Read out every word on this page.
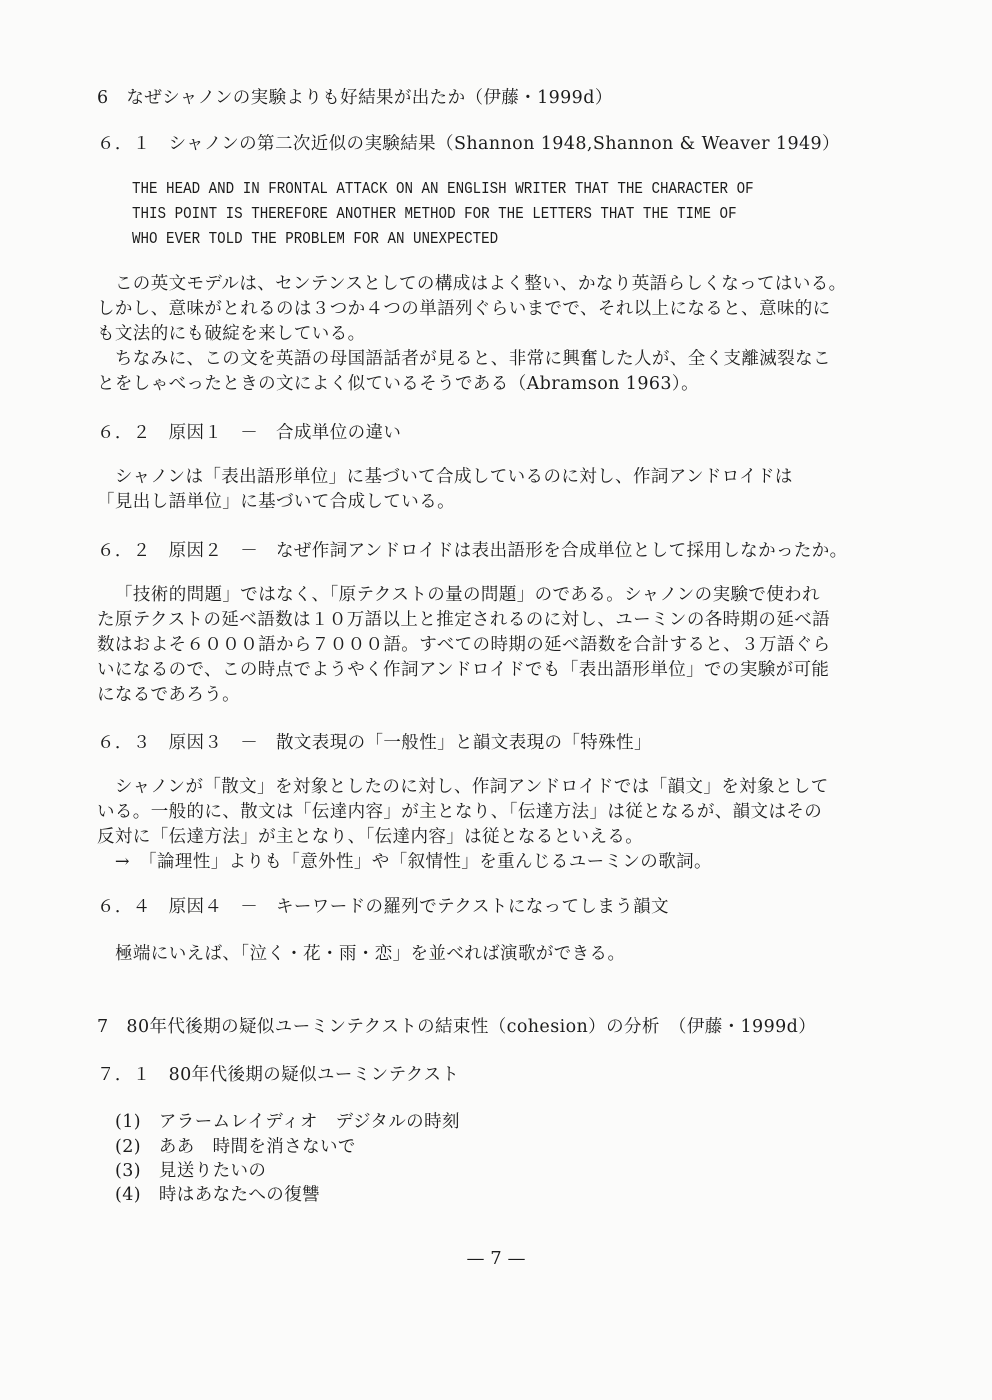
6　なぜシャノンの実験よりも好結果が出たか（伊藤・1999d）
６．１　シャノンの第二次近似の実験結果（Shannon 1948,Shannon & Weaver 1949）
THE HEAD AND IN FRONTAL ATTACK ON AN ENGLISH WRITER THAT THE CHARACTER OF
THIS POINT IS THEREFORE ANOTHER METHOD FOR THE LETTERS THAT THE TIME OF
WHO EVER TOLD THE PROBLEM FOR AN UNEXPECTED
　この英文モデルは、センテンスとしての構成はよく整い、かなり英語らしくなってはいる。
しかし、意味がとれるのは３つか４つの単語列ぐらいまでで、それ以上になると、意味的に
も文法的にも破綻を来している。
　ちなみに、この文を英語の母国語話者が見ると、非常に興奮した人が、全く支離滅裂なこ
とをしゃべったときの文によく似ているそうである（Abramson 1963）。
６．２　原因１　－　合成単位の違い
　シャノンは「表出語形単位」に基づいて合成しているのに対し、作詞アンドロイドは
「見出し語単位」に基づいて合成している。
６．２　原因２　－　なぜ作詞アンドロイドは表出語形を合成単位として採用しなかったか。
「技術的問題」ではなく、「原テクストの量の問題」のである。シャノンの実験で使われ
た原テクストの延べ語数は１０万語以上と推定されるのに対し、ユーミンの各時期の延べ語
数はおよそ６０００語から７０００語。すべての時期の延べ語数を合計すると、３万語ぐら
いになるので、この時点でようやく作詞アンドロイドでも「表出語形単位」での実験が可能
になるであろう。
６．３　原因３　－　散文表現の「一般性」と韻文表現の「特殊性」
　シャノンが「散文」を対象としたのに対し、作詞アンドロイドでは「韻文」を対象として
いる。一般的に、散文は「伝達内容」が主となり、「伝達方法」は従となるが、韻文はその
反対に「伝達方法」が主となり、「伝達内容」は従となるといえる。
　→　「論理性」よりも「意外性」や「叙情性」を重んじるユーミンの歌詞。
６．４　原因４　－　キーワードの羅列でテクストになってしまう韻文
極端にいえば、「泣く・花・雨・恋」を並べれば演歌ができる。
7　80年代後期の疑似ユーミンテクストの結束性（cohesion）の分析　（伊藤・1999d）
７．１　80年代後期の疑似ユーミンテクスト
(1)　アラームレイディオ　デジタルの時刻
(2)　ああ　時間を消さないで
(3)　見送りたいの
(4)　時はあなたへの復讐
— 7 —
